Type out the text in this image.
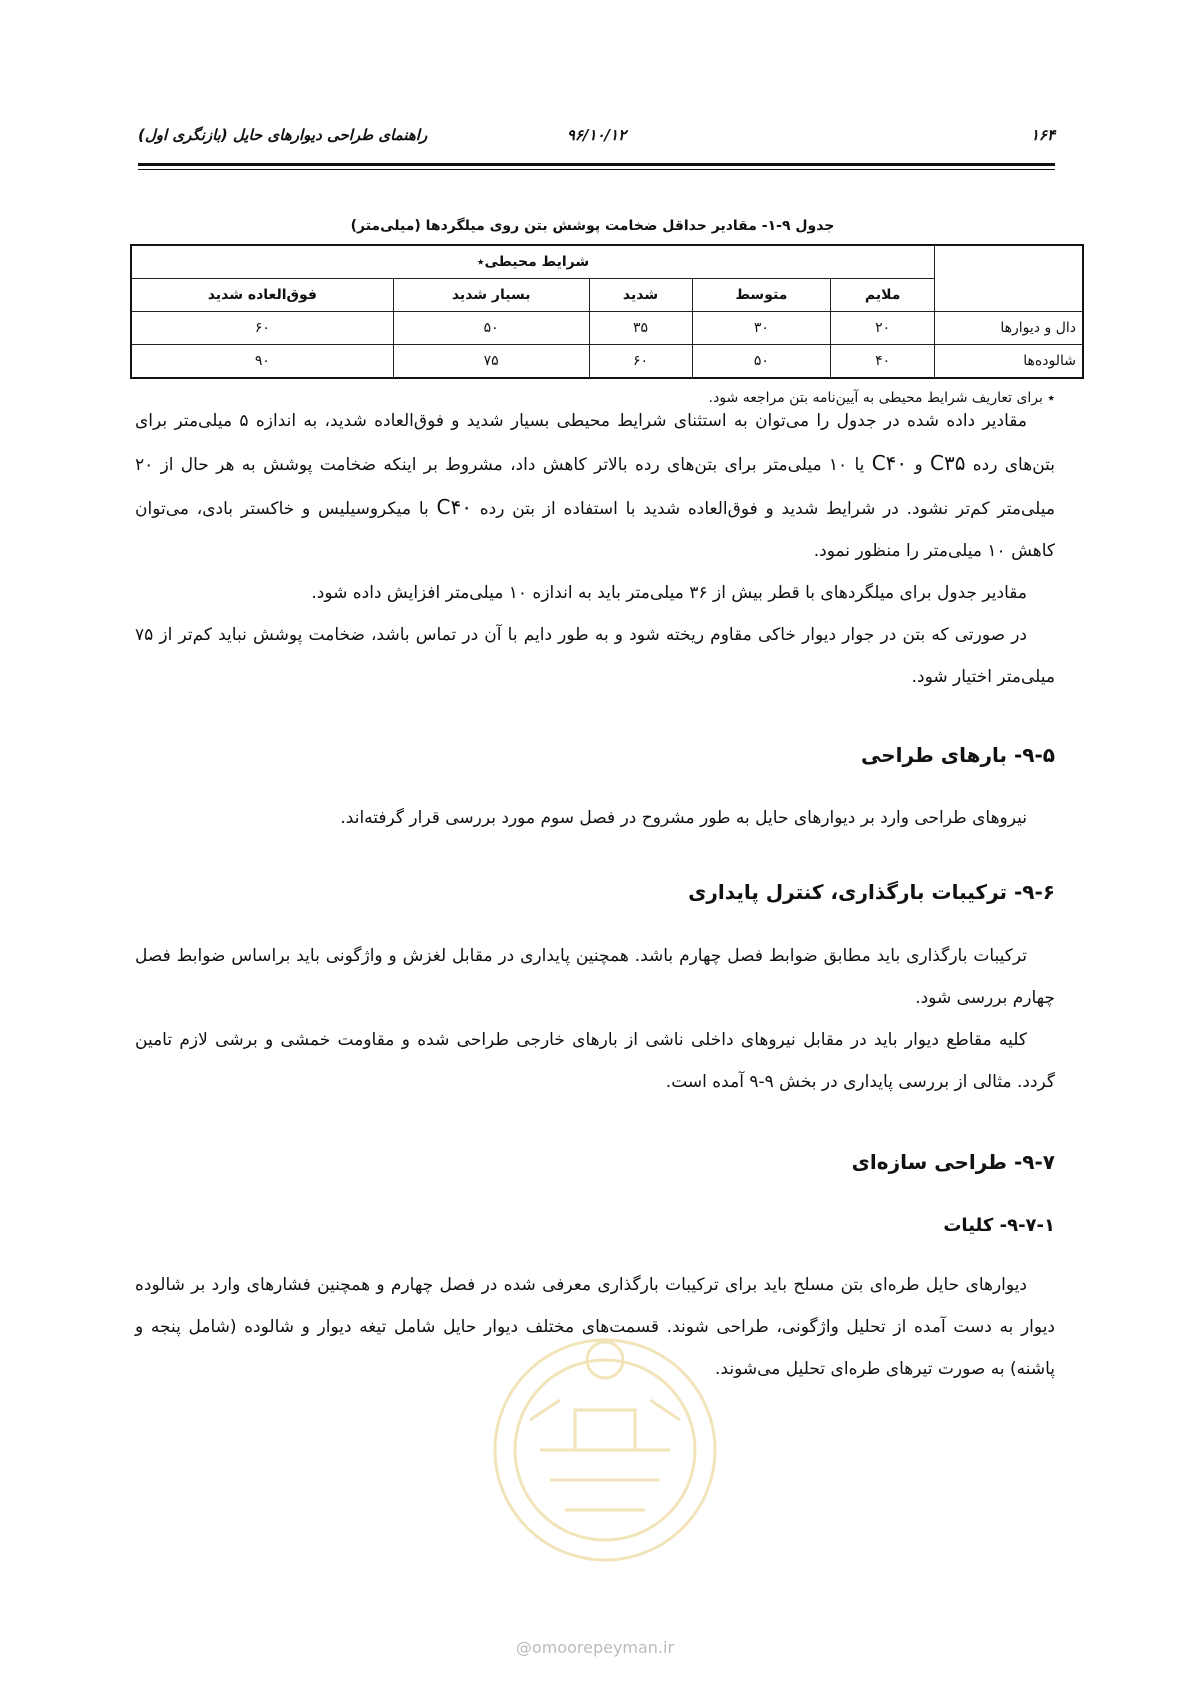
۱۶۴
۹۶/۱۰/۱۲
راهنمای طراحی دیوارهای حایل (بازنگری اول)
جدول ۹-۱- مقادیر حداقل ضخامت پوشش بتن روی میلگردها (میلی‌متر)
	شرایط محیطی٭				
	ملایم	متوسط	شدید	بسیار شدید	فوق‌العاده شدید
دال و دیوارها	۲۰	۳۰	۳۵	۵۰	۶۰
شالوده‌ها	۴۰	۵۰	۶۰	۷۵	۹۰
٭ برای تعاریف شرایط محیطی به آیین‌نامه بتن مراجعه شود.
مقادیر داده شده در جدول را می‌توان به استثنای شرایط محیطی بسیار شدید و فوق‌العاده شدید، به اندازه ۵ میلی‌متر برای بتن‌های رده C۳۵ و C۴۰ یا ۱۰ میلی‌متر برای بتن‌های رده بالاتر کاهش داد، مشروط بر اینکه ضخامت پوشش به هر حال از ۲۰ میلی‌متر کم‌تر نشود. در شرایط شدید و فوق‌العاده شدید با استفاده از بتن رده C۴۰ با میکروسیلیس و خاکستر بادی، می‌توان کاهش ۱۰ میلی‌متر را منظور نمود.
مقادیر جدول برای میلگردهای با قطر بیش از ۳۶ میلی‌متر باید به اندازه ۱۰ میلی‌متر افزایش داده شود.
در صورتی که بتن در جوار دیوار خاکی مقاوم ریخته شود و به طور دایم با آن در تماس باشد، ضخامت پوشش نباید کم‌تر از ۷۵ میلی‌متر اختیار شود.
۹-۵- بارهای طراحی
نیروهای طراحی وارد بر دیوارهای حایل به طور مشروح در فصل سوم مورد بررسی قرار گرفته‌اند.
۹-۶- ترکیبات بارگذاری، کنترل پایداری
ترکیبات بارگذاری باید مطابق ضوابط فصل چهارم باشد. همچنین پایداری در مقابل لغزش و واژگونی باید براساس ضوابط فصل چهارم بررسی شود.
کلیه مقاطع دیوار باید در مقابل نیروهای داخلی ناشی از بارهای خارجی طراحی شده و مقاومت خمشی و برشی لازم تامین گردد. مثالی از بررسی پایداری در بخش ۹-۹ آمده است.
۹-۷- طراحی سازه‌ای
۹-۷-۱- کلیات
دیوارهای حایل طره‌ای بتن مسلح باید برای ترکیبات بارگذاری معرفی شده در فصل چهارم و همچنین فشارهای وارد بر شالوده دیوار به دست آمده از تحلیل واژگونی، طراحی شوند. قسمت‌های مختلف دیوار حایل شامل تیغه دیوار و شالوده (شامل پنجه و پاشنه) به صورت تیرهای طره‌ای تحلیل می‌شوند.
@omoorepeyman.ir
